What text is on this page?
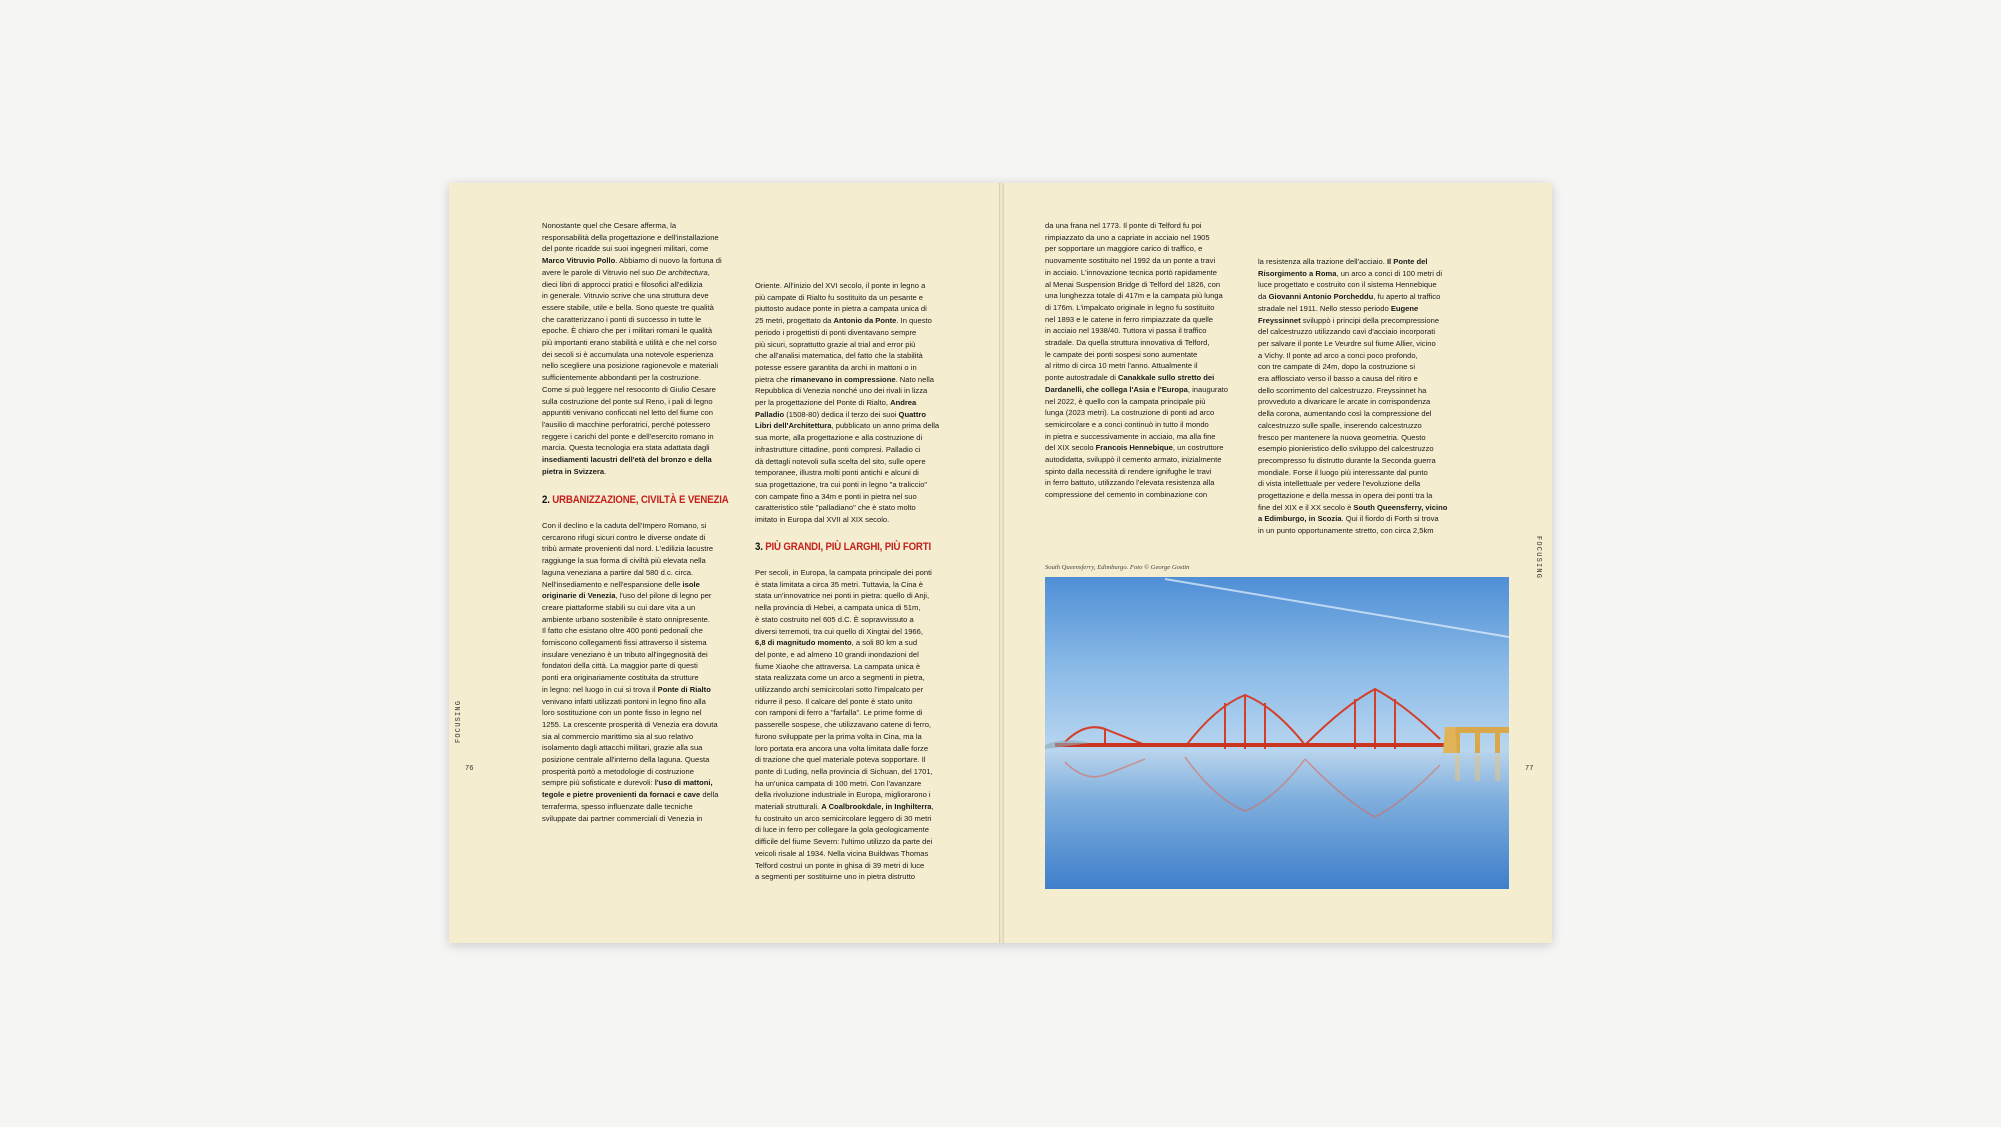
FOCUSING
76
Nonostante quel che Cesare afferma, la
responsabilità della progettazione e dell'installazione
del ponte ricadde sui suoi ingegneri militari, come
Marco Vitruvio Pollo. Abbiamo di nuovo la fortuna di
avere le parole di Vitruvio nel suo De architectura,
dieci libri di approcci pratici e filosofici all'edilizia
in generale. Vitruvio scrive che una struttura deve
essere stabile, utile e bella. Sono queste tre qualità
che caratterizzano i ponti di successo in tutte le
epoche. È chiaro che per i militari romani le qualità
più importanti erano stabilità e utilità e che nel corso
dei secoli si è accumulata una notevole esperienza
nello scegliere una posizione ragionevole e materiali
sufficientemente abbondanti per la costruzione.
Come si può leggere nel resoconto di Giulio Cesare
sulla costruzione del ponte sul Reno, i pali di legno
appuntiti venivano conficcati nel letto del fiume con
l'ausilio di macchine perforatrici, perché potessero
reggere i carichi del ponte e dell'esercito romano in
marcia. Questa tecnologia era stata adattata dagli
insediamenti lacustri dell'età del bronzo e della
pietra in Svizzera.
2. URBANIZZAZIONE, CIVILTÀ E VENEZIA
Con il declino e la caduta dell'Impero Romano, si
cercarono rifugi sicuri contro le diverse ondate di
tribù armate provenienti dal nord. L'edilizia lacustre
raggiunge la sua forma di civiltà più elevata nella
laguna veneziana a partire dal 580 d.c. circa.
Nell'insediamento e nell'espansione delle isole
originarie di Venezia, l'uso del pilone di legno per
creare piattaforme stabili su cui dare vita a un
ambiente urbano sostenibile è stato onnipresente.
Il fatto che esistano oltre 400 ponti pedonali che
forniscono collegamenti fissi attraverso il sistema
insulare veneziano è un tributo all'ingegnosità dei
fondatori della città. La maggior parte di questi
ponti era originariamente costituita da strutture
in legno: nel luogo in cui si trova il Ponte di Rialto
venivano infatti utilizzati pontoni in legno fino alla
loro sostituzione con un ponte fisso in legno nel
1255. La crescente prosperità di Venezia era dovuta
sia al commercio marittimo sia al suo relativo
isolamento dagli attacchi militari, grazie alla sua
posizione centrale all'interno della laguna. Questa
prosperità portò a metodologie di costruzione
sempre più sofisticate e durevoli: l'uso di mattoni,
tegole e pietre provenienti da fornaci e cave della
terraferma, spesso influenzate dalle tecniche
sviluppate dai partner commerciali di Venezia in
Oriente. All'inizio del XVI secolo, il ponte in legno a
più campate di Rialto fu sostituito da un pesante e
piuttosto audace ponte in pietra a campata unica di
25 metri, progettato da Antonio da Ponte. In questo
periodo i progettisti di ponti diventavano sempre
più sicuri, soprattutto grazie al trial and error più
che all'analisi matematica, del fatto che la stabilità
potesse essere garantita da archi in mattoni o in
pietra che rimanevano in compressione. Nato nella
Repubblica di Venezia nonché uno dei rivali in lizza
per la progettazione del Ponte di Rialto, Andrea
Palladio (1508-80) dedica il terzo dei suoi Quattro
Libri dell'Architettura, pubblicato un anno prima della
sua morte, alla progettazione e alla costruzione di
infrastrutture cittadine, ponti compresi. Palladio ci
dà dettagli notevoli sulla scelta del sito, sulle opere
temporanee, illustra molti ponti antichi e alcuni di
sua progettazione, tra cui ponti in legno "a traliccio"
con campate fino a 34m e ponti in pietra nel suo
caratteristico stile "palladiano" che è stato molto
imitato in Europa dal XVII al XIX secolo.
3. PIÙ GRANDI, PIÙ LARGHI, PIÙ FORTI
Per secoli, in Europa, la campata principale dei ponti
è stata limitata a circa 35 metri. Tuttavia, la Cina è
stata un'innovatrice nei ponti in pietra: quello di Anji,
nella provincia di Hebei, a campata unica di 51m,
è stato costruito nel 605 d.C. È sopravvissuto a
diversi terremoti, tra cui quello di Xingtai del 1966,
6,8 di magnitudo momento, a soli 80 km a sud
del ponte, e ad almeno 10 grandi inondazioni del
fiume Xiaohe che attraversa. La campata unica è
stata realizzata come un arco a segmenti in pietra,
utilizzando archi semicircolari sotto l'impalcato per
ridurre il peso. Il calcare del ponte è stato unito
con ramponi di ferro a "farfalla". Le prime forme di
passerelle sospese, che utilizzavano catene di ferro,
furono sviluppate per la prima volta in Cina, ma la
loro portata era ancora una volta limitata dalle forze
di trazione che quel materiale poteva sopportare. Il
ponte di Luding, nella provincia di Sichuan, del 1701,
ha un'unica campata di 100 metri. Con l'avanzare
della rivoluzione industriale in Europa, migliorarono i
materiali strutturali. A Coalbrookdale, in Inghilterra,
fu costruito un arco semicircolare leggero di 30 metri
di luce in ferro per collegare la gola geologicamente
difficile del fiume Severn: l'ultimo utilizzo da parte dei
veicoli risale al 1934. Nella vicina Buildwas Thomas
Telford costruì un ponte in ghisa di 39 metri di luce
a segmenti per sostituirne uno in pietra distrutto
da una frana nel 1773. Il ponte di Telford fu poi
rimpiazzato da uno a capriate in acciaio nel 1905
per sopportare un maggiore carico di traffico, e
nuovamente sostituito nel 1992 da un ponte a travi
in acciaio. L'innovazione tecnica portò rapidamente
al Menai Suspension Bridge di Telford del 1826, con
una lunghezza totale di 417m e la campata più lunga
di 176m. L'impalcato originale in legno fu sostituito
nel 1893 e le catene in ferro rimpiazzate da quelle
in acciaio nel 1938/40. Tuttora vi passa il traffico
stradale. Da quella struttura innovativa di Telford,
le campate dei ponti sospesi sono aumentate
al ritmo di circa 10 metri l'anno. Attualmente il
ponte autostradale di Canakkale sullo stretto dei
Dardanelli, che collega l'Asia e l'Europa, inaugurato
nel 2022, è quello con la campata principale più
lunga (2023 metri). La costruzione di ponti ad arco
semicircolare e a conci continuò in tutto il mondo
in pietra e successivamente in acciaio, ma alla fine
del XIX secolo Francois Hennebique, un costruttore
autodidatta, sviluppò il cemento armato, inizialmente
spinto dalla necessità di rendere ignifughe le travi
in ferro battuto, utilizzando l'elevata resistenza alla
compressione del cemento in combinazione con
la resistenza alla trazione dell'acciaio. Il Ponte del
Risorgimento a Roma, un arco a conci di 100 metri di
luce progettato e costruito con il sistema Hennebique
da Giovanni Antonio Porcheddu, fu aperto al traffico
stradale nel 1911. Nello stesso periodo Eugene
Freyssinnet sviluppò i principi della precompressione
del calcestruzzo utilizzando cavi d'acciaio incorporati
per salvare il ponte Le Veurdre sul fiume Allier, vicino
a Vichy. Il ponte ad arco a conci poco profondo,
con tre campate di 24m, dopo la costruzione si
era afflosciato verso il basso a causa del ritiro e
dello scorrimento del calcestruzzo. Freyssinnet ha
provveduto a divaricare le arcate in corrispondenza
della corona, aumentando così la compressione del
calcestruzzo sulle spalle, inserendo calcestruzzo
fresco per mantenere la nuova geometria. Questo
esempio pionieristico dello sviluppo del calcestruzzo
precompresso fu distrutto durante la Seconda guerra
mondiale. Forse il luogo più interessante dal punto
di vista intellettuale per vedere l'evoluzione della
progettazione e della messa in opera dei ponti tra la
fine del XIX e il XX secolo è South Queensferry, vicino
a Edimburgo, in Scozia. Qui il fiordo di Forth si trova
in un punto opportunamente stretto, con circa 2,5km
FOCUSING
77
South Queensferry, Edimburgo. Foto © George Gostin
